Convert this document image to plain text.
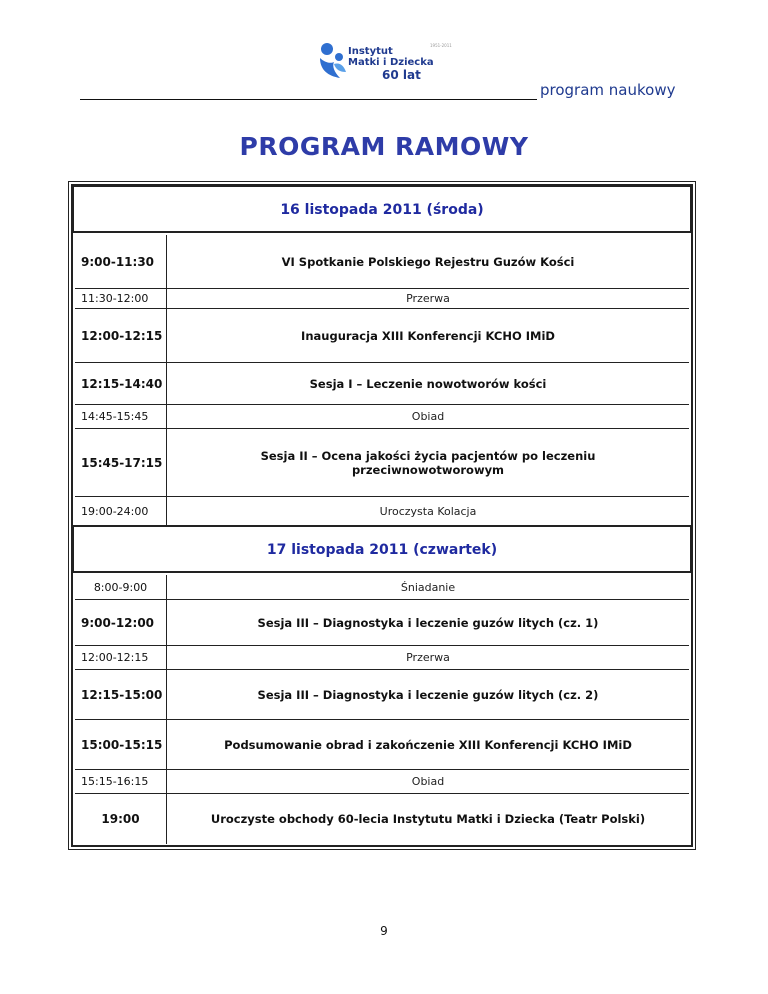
Instytut
Matki i Dziecka
60 lat
1951-2011
program naukowy
PROGRAM RAMOWY
16 listopada 2011 (środa)
9:00-11:30	VI Spotkanie Polskiego Rejestru Guzów Kości
11:30-12:00	Przerwa
12:00-12:15	Inauguracja XIII Konferencji KCHO IMiD
12:15-14:40	Sesja I – Leczenie nowotworów kości
14:45-15:45	Obiad
15:45-17:15	Sesja II – Ocena jakości życia pacjentów po leczeniu przeciwnowotworowym
19:00-24:00	Uroczysta Kolacja
17 listopada 2011 (czwartek)
8:00-9:00	Śniadanie
9:00-12:00	Sesja III – Diagnostyka i leczenie guzów litych (cz. 1)
12:00-12:15	Przerwa
12:15-15:00	Sesja III – Diagnostyka i leczenie guzów litych (cz. 2)
15:00-15:15	Podsumowanie obrad i zakończenie XIII Konferencji KCHO IMiD
15:15-16:15	Obiad
19:00	Uroczyste obchody 60-lecia Instytutu Matki i Dziecka (Teatr Polski)
9
